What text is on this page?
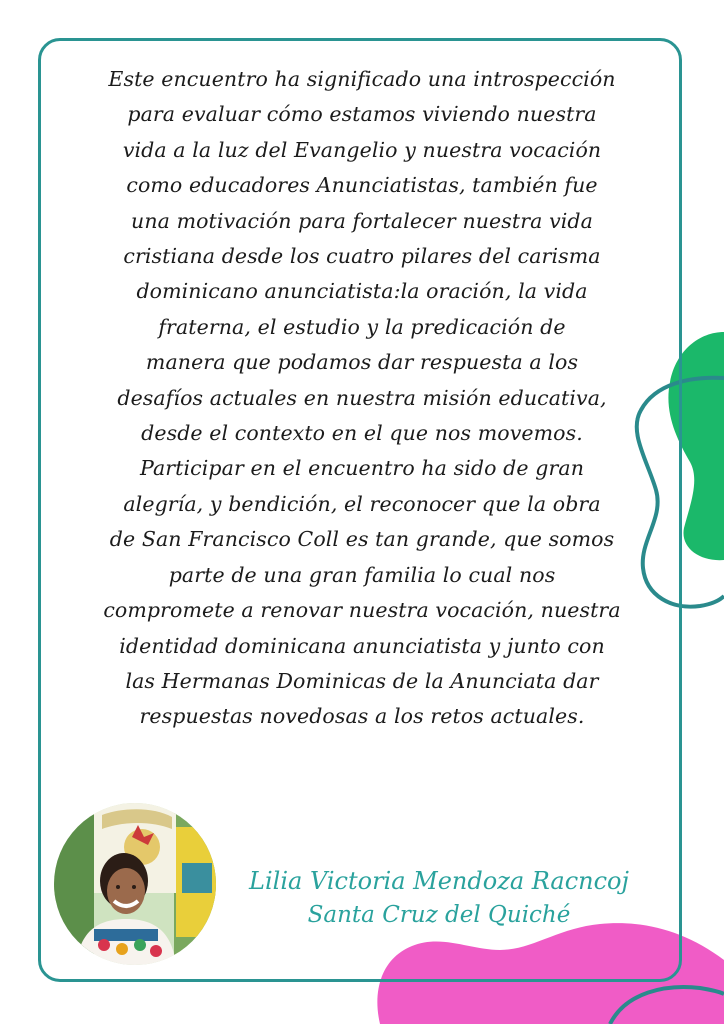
Este encuentro ha significado una introspección
para evaluar cómo estamos viviendo nuestra
vida a la luz del Evangelio y nuestra vocación
como educadores Anunciatistas, también fue
una motivación para fortalecer nuestra vida
cristiana desde los cuatro pilares del carisma
dominicano anunciatista:la oración, la vida
fraterna, el estudio y la predicación de
manera que podamos dar respuesta a los
desafíos actuales en nuestra misión educativa,
desde el contexto en el que nos movemos.
Participar en el encuentro ha sido de gran
alegría, y bendición, el reconocer que la obra
de San Francisco Coll es tan grande, que somos
parte de una gran familia lo cual nos
compromete a renovar nuestra vocación, nuestra
identidad dominicana anunciatista y junto con
las Hermanas Dominicas de la Anunciata dar
respuestas novedosas a los retos actuales.
Lilia Victoria Mendoza Racncoj
Santa Cruz del Quiché
